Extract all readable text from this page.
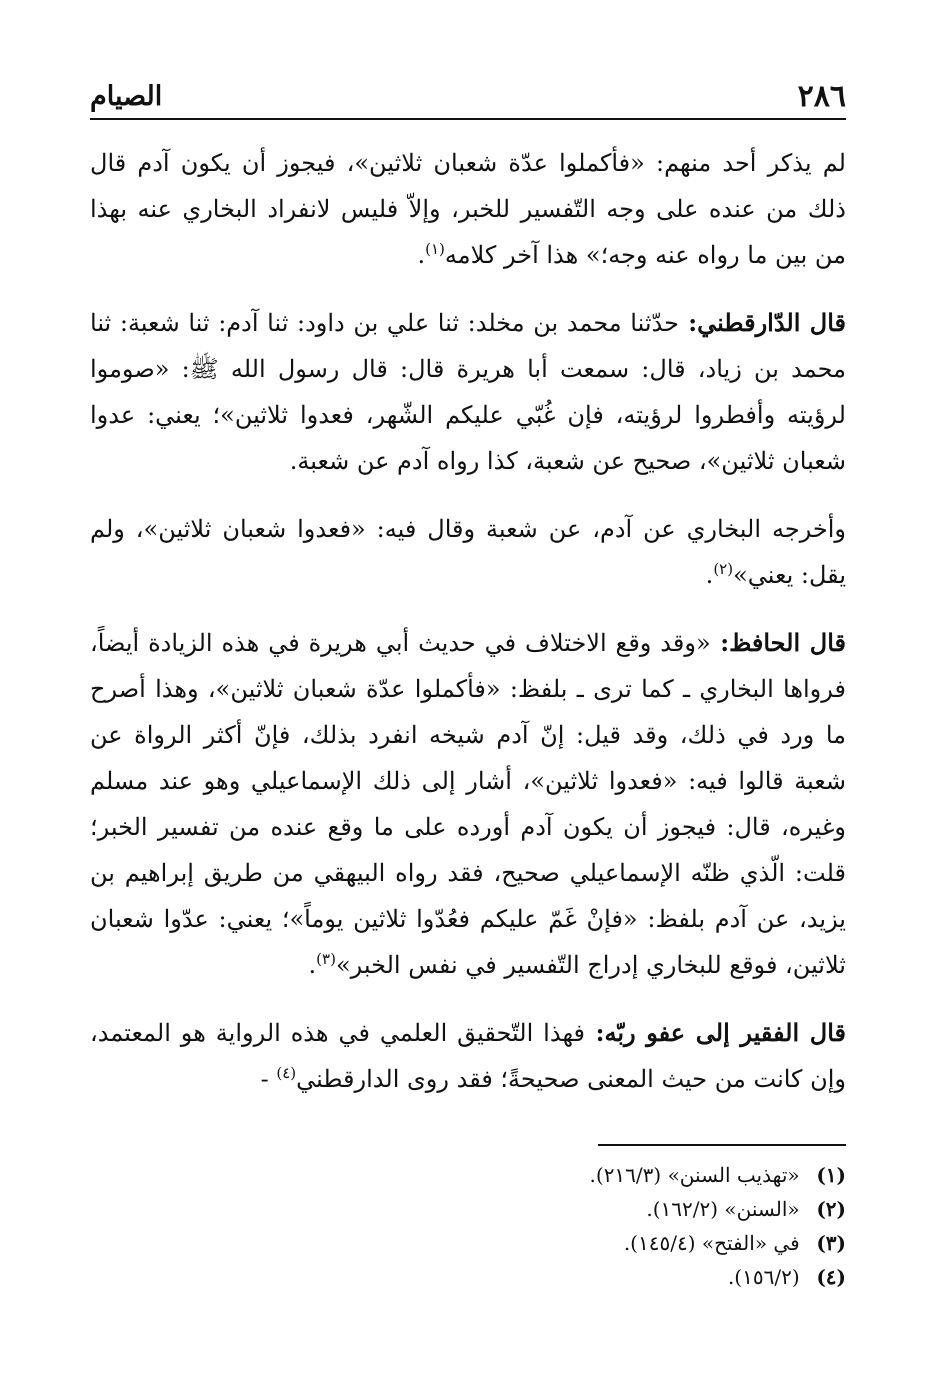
٢٨٦
الصيام

لم يذكر أحد منهم: «فأكملوا عدّة شعبان ثلاثين»، فيجوز أن يكون آدم قال ذلك من عنده على وجه التّفسير للخبر، وإلاّ فليس لانفراد البخاري عنه بهذا من بين ما رواه عنه وجه؛» هذا آخر كلامه$^{(١)}$.

قال الدّارقطني: حدّثنا محمد بن مخلد: ثنا علي بن داود: ثنا آدم: ثنا شعبة: ثنا محمد بن زياد، قال: سمعت أبا هريرة قال: قال رسول الله ﷺ: «صوموا لرؤيته وأفطروا لرؤيته، فإن غُبّي عليكم الشّهر، فعدوا ثلاثين»؛ يعني: عدوا شعبان ثلاثين»، صحيح عن شعبة، كذا رواه آدم عن شعبة.

وأخرجه البخاري عن آدم، عن شعبة وقال فيه: «فعدوا شعبان ثلاثين»، ولم يقل: يعني»$^{(٢)}$.

قال الحافظ: «وقد وقع الاختلاف في حديث أبي هريرة في هذه الزيادة أيضاً، فرواها البخاري ـ كما ترى ـ بلفظ: «فأكملوا عدّة شعبان ثلاثين»، وهذا أصرح ما ورد في ذلك، وقد قيل: إنّ آدم شيخه انفرد بذلك، فإنّ أكثر الرواة عن شعبة قالوا فيه: «فعدوا ثلاثين»، أشار إلى ذلك الإسماعيلي وهو عند مسلم وغيره، قال: فيجوز أن يكون آدم أورده على ما وقع عنده من تفسير الخبر؛ قلت: الّذي ظنّه الإسماعيلي صحيح، فقد رواه البيهقي من طريق إبراهيم بن يزيد، عن آدم بلفظ: «فإنْ غَمّ عليكم فعُدّوا ثلاثين يوماً»؛ يعني: عدّوا شعبان ثلاثين، فوقع للبخاري إدراج التّفسير في نفس الخبر»$^{(٣)}$.

قال الفقير إلى عفو ربّه: فهذا التّحقيق العلمي في هذه الرواية هو المعتمد، وإن كانت من حيث المعنى صحيحةً؛ فقد روى الدارقطني$^{(٤)}$ -

(١) «تهذيب السنن» (٢١٦/٣).

(٢) «السنن» (١٦٢/٢).

(٣) في «الفتح» (١٤٥/٤).

(٤) (١٥٦/٢).
